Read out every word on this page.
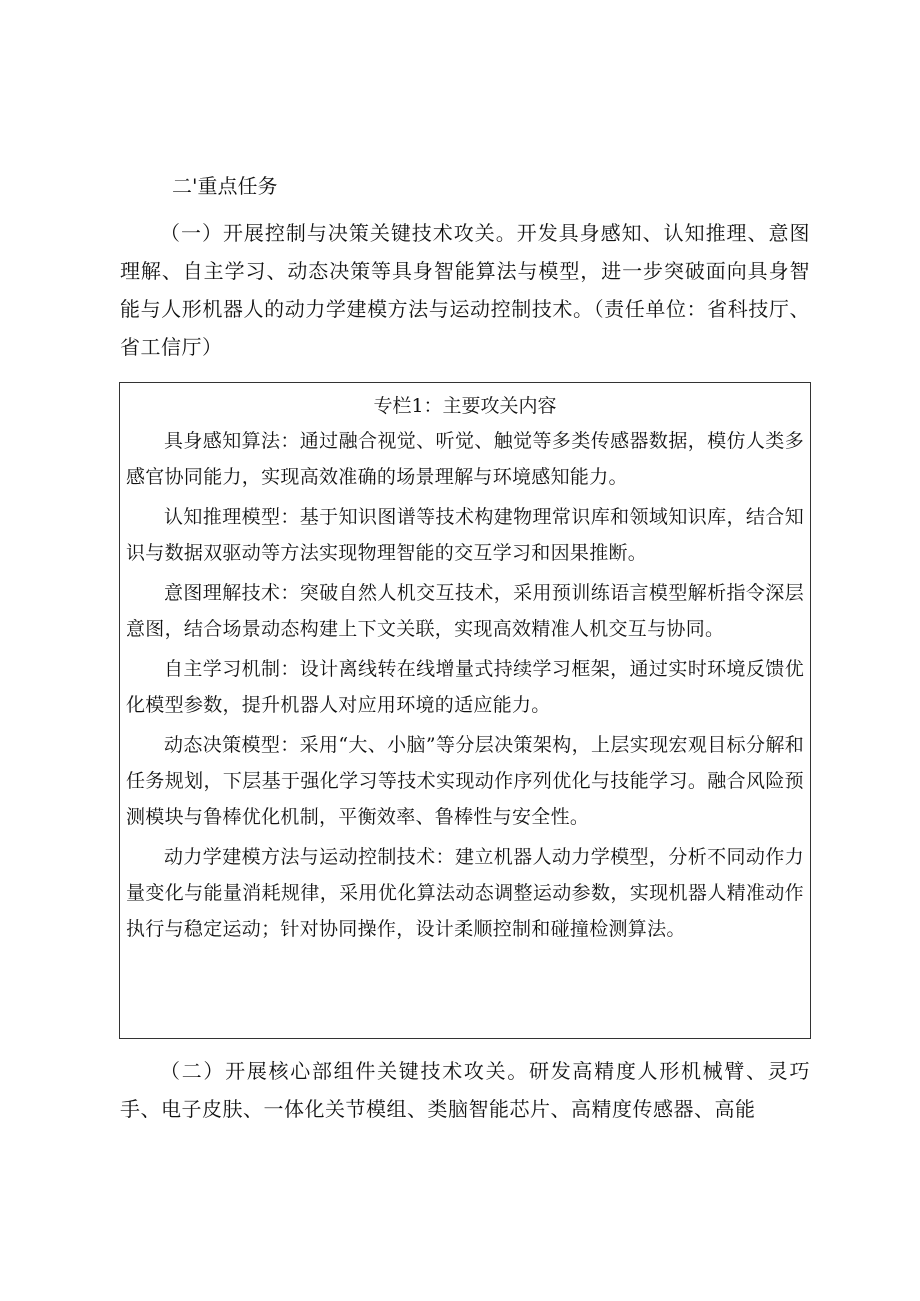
二'重点任务

（一）开展控制与决策关键技术攻关。开发具身感知、认知推理、意图理解、自主学习、动态决策等具身智能算法与模型，进一步突破面向具身智能与人形机器人的动力学建模方法与运动控制技术。（责任单位：省科技厅、省工信厅）

专栏1：主要攻关内容

具身感知算法：通过融合视觉、听觉、触觉等多类传感器数据，模仿人类多感官协同能力，实现高效准确的场景理解与环境感知能力。

认知推理模型：基于知识图谱等技术构建物理常识库和领域知识库，结合知识与数据双驱动等方法实现物理智能的交互学习和因果推断。

意图理解技术：突破自然人机交互技术，采用预训练语言模型解析指令深层意图，结合场景动态构建上下文关联，实现高效精准人机交互与协同。

自主学习机制：设计离线转在线增量式持续学习框架，通过实时环境反馈优化模型参数，提升机器人对应用环境的适应能力。

动态决策模型：采用“大、小脑”等分层决策架构，上层实现宏观目标分解和任务规划，下层基于强化学习等技术实现动作序列优化与技能学习。融合风险预测模块与鲁棒优化机制，平衡效率、鲁棒性与安全性。

动力学建模方法与运动控制技术：建立机器人动力学模型，分析不同动作力量变化与能量消耗规律，采用优化算法动态调整运动参数，实现机器人精准动作执行与稳定运动；针对协同操作，设计柔顺控制和碰撞检测算法。

（二）开展核心部组件关键技术攻关。研发高精度人形机械臂、灵巧手、电子皮肤、一体化关节模组、类脑智能芯片、高精度传感器、高能
